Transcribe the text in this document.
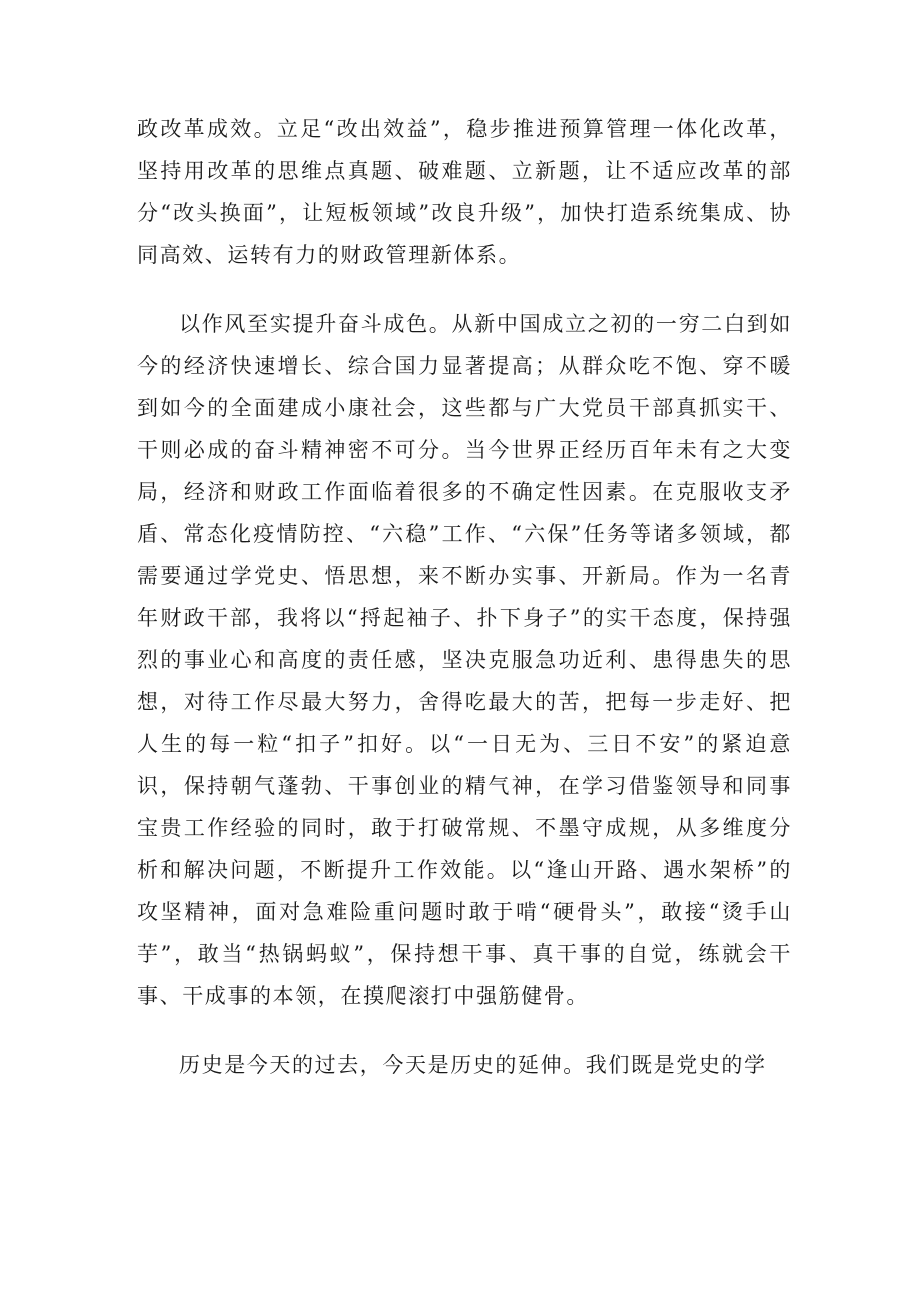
政改革成效。立足“改出效益”，稳步推进预算管理一体化改革，坚持用改革的思维点真题、破难题、立新题，让不适应改革的部分“改头换面”，让短板领域”改良升级”，加快打造系统集成、协同高效、运转有力的财政管理新体系。

以作风至实提升奋斗成色。从新中国成立之初的一穷二白到如今的经济快速增长、综合国力显著提高；从群众吃不饱、穿不暖到如今的全面建成小康社会，这些都与广大党员干部真抓实干、干则必成的奋斗精神密不可分。当今世界正经历百年未有之大变局，经济和财政工作面临着很多的不确定性因素。在克服收支矛盾、常态化疫情防控、“六稳”工作、“六保”任务等诸多领域，都需要通过学党史、悟思想，来不断办实事、开新局。作为一名青年财政干部，我将以“捋起袖子、扑下身子”的实干态度，保持强烈的事业心和高度的责任感，坚决克服急功近利、患得患失的思想，对待工作尽最大努力，舍得吃最大的苦，把每一步走好、把人生的每一粒“扣子”扣好。以“一日无为、三日不安”的紧迫意识，保持朝气蓬勃、干事创业的精气神，在学习借鉴领导和同事宝贵工作经验的同时，敢于打破常规、不墨守成规，从多维度分析和解决问题，不断提升工作效能。以“逢山开路、遇水架桥”的攻坚精神，面对急难险重问题时敢于啃“硬骨头”，敢接“烫手山芋”，敢当“热锅蚂蚁”，保持想干事、真干事的自觉，练就会干事、干成事的本领，在摸爬滚打中强筋健骨。

历史是今天的过去，今天是历史的延伸。我们既是党史的学
